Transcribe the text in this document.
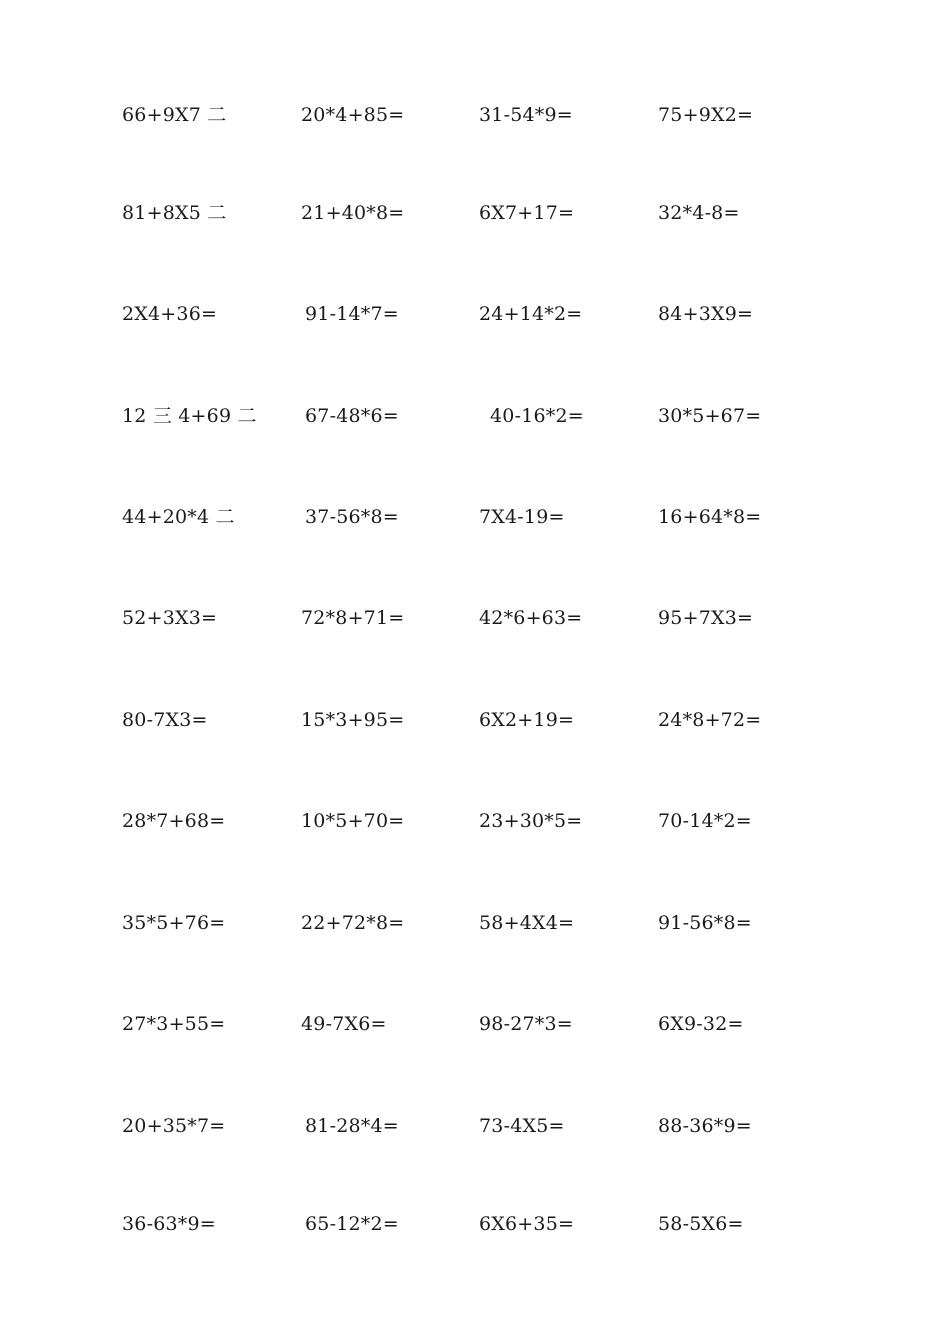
66+9X7 二	20*4+85=	31-54*9=	75+9X2=
81+8X5 二	21+40*8=	6X7+17=	32*4-8=
2X4+36=	91-14*7=	24+14*2=	84+3X9=
12 三 4+69 二	67-48*6=	40-16*2=	30*5+67=
44+20*4 二	37-56*8=	7X4-19=	16+64*8=
52+3X3=	72*8+71=	42*6+63=	95+7X3=
80-7X3=	15*3+95=	6X2+19=	24*8+72=
28*7+68=	10*5+70=	23+30*5=	70-14*2=
35*5+76=	22+72*8=	58+4X4=	91-56*8=
27*3+55=	49-7X6=	98-27*3=	6X9-32=
20+35*7=	81-28*4=	73-4X5=	88-36*9=
36-63*9=	65-12*2=	6X6+35=	58-5X6=
